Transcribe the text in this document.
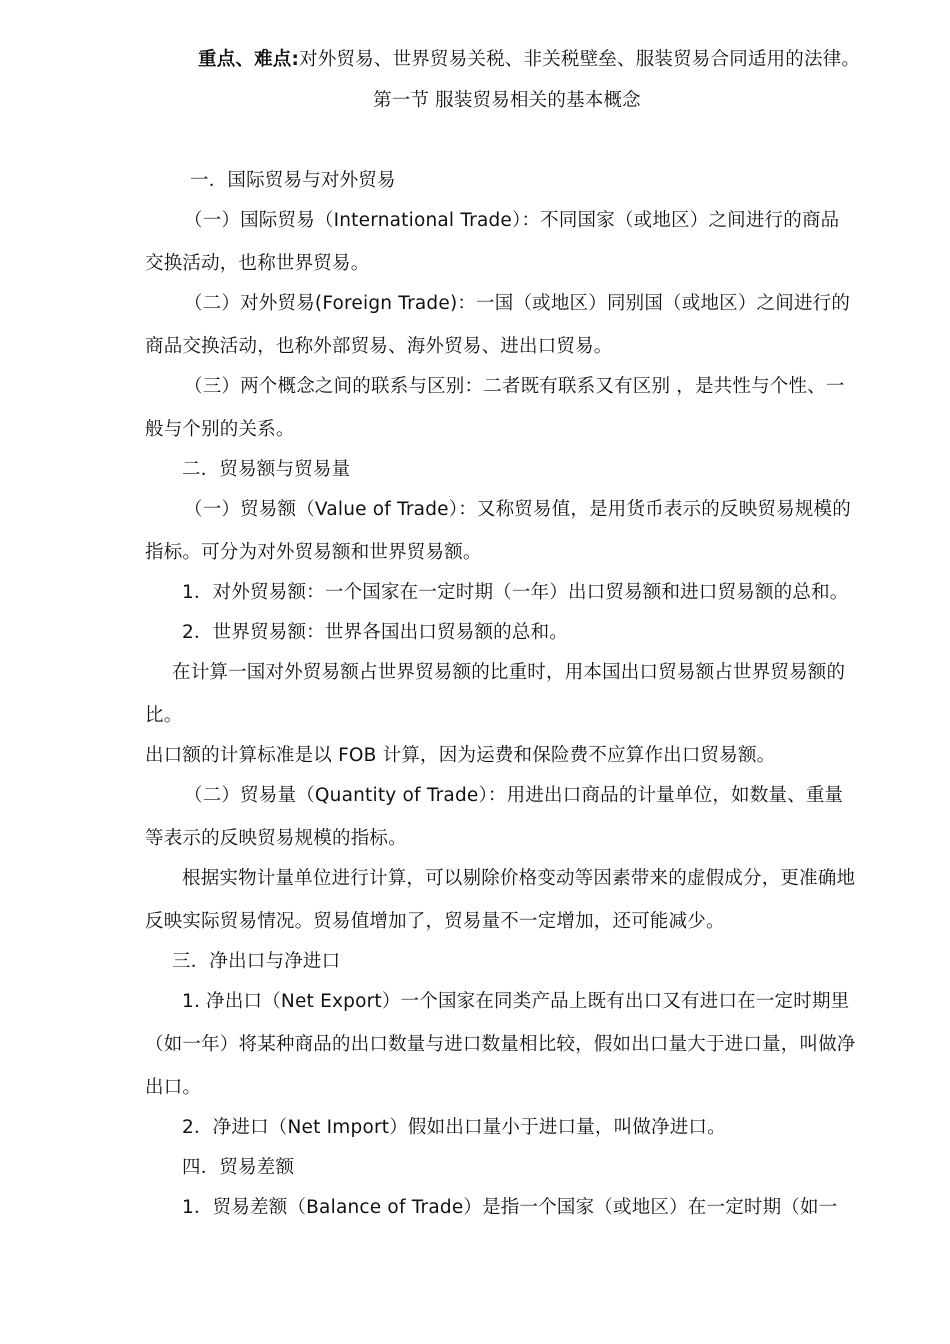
重点、难点:对外贸易、世界贸易关税、非关税壁垒、服装贸易合同适用的法律。
第一节 服装贸易相关的基本概念
一．国际贸易与对外贸易
（一）国际贸易（International Trade）：不同国家（或地区）之间进行的商品
交换活动，也称世界贸易。
（二）对外贸易(Foreign Trade)：一国（或地区）同别国（或地区）之间进行的
商品交换活动，也称外部贸易、海外贸易、进出口贸易。
（三）两个概念之间的联系与区别：二者既有联系又有区别 ，是共性与个性、一
般与个别的关系。
二．贸易额与贸易量
（一）贸易额（Value of Trade）：又称贸易值，是用货币表示的反映贸易规模的
指标。可分为对外贸易额和世界贸易额。
1．对外贸易额：一个国家在一定时期（一年）出口贸易额和进口贸易额的总和。
2．世界贸易额：世界各国出口贸易额的总和。
在计算一国对外贸易额占世界贸易额的比重时，用本国出口贸易额占世界贸易额的
比。
出口额的计算标准是以 FOB 计算，因为运费和保险费不应算作出口贸易额。
（二）贸易量（Quantity of Trade）：用进出口商品的计量单位，如数量、重量
等表示的反映贸易规模的指标。
根据实物计量单位进行计算，可以剔除价格变动等因素带来的虚假成分，更准确地
反映实际贸易情况。贸易值增加了，贸易量不一定增加，还可能减少。
三．净出口与净进口
1. 净出口（Net Export）一个国家在同类产品上既有出口又有进口在一定时期里
（如一年）将某种商品的出口数量与进口数量相比较，假如出口量大于进口量，叫做净
出口。
2．净进口（Net Import）假如出口量小于进口量，叫做净进口。
四．贸易差额
1．贸易差额（Balance of Trade）是指一个国家（或地区）在一定时期（如一
